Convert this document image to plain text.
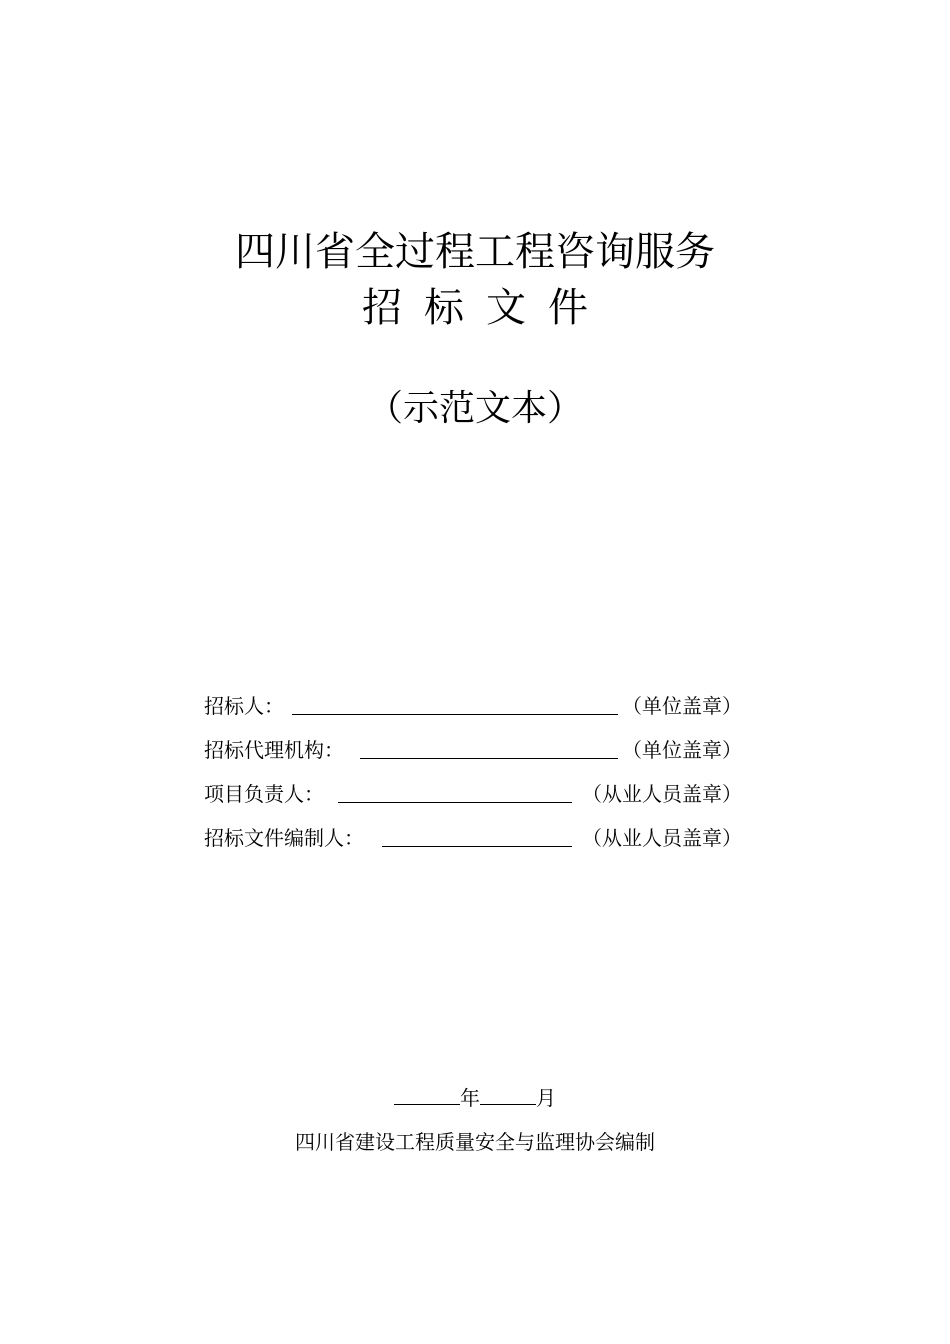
四川省全过程工程咨询服务
招标文件
（示范文本）
招标人：	（单位盖章）
招标代理机构：	（单位盖章）
项目负责人：	（从业人员盖章）
招标文件编制人：	（从业人员盖章）
年	月
四川省建设工程质量安全与监理协会编制
